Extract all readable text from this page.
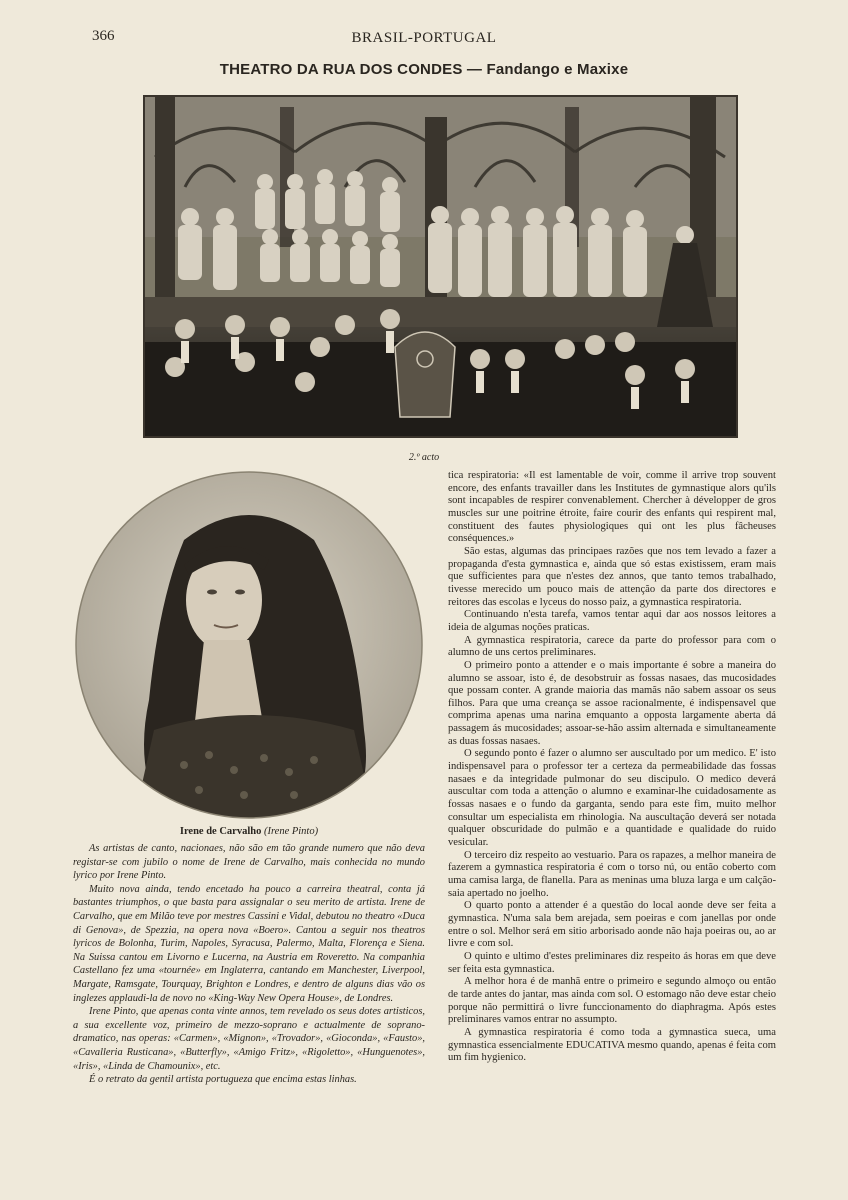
366	BRASIL-PORTUGAL
THEATRO DA RUA DOS CONDES — Fandango e Maxixe
2.º acto
Irene de Carvalho (Irene Pinto)

As artistas de canto, nacionaes, não são em tão grande numero que não deva registar-se com jubilo o nome de Irene de Carvalho, mais conhecida no mundo lyrico por Irene Pinto.

Muito nova ainda, tendo encetado ha pouco a carreira theatral, conta já bastantes triumphos, o que basta para assignalar o seu merito de artista. Irene de Carvalho, que em Milão teve por mestres Cassini e Vidal, debutou no theatro «Duca di Genova», de Spezzia, na opera nova «Boero». Cantou a seguir nos theatros lyricos de Bolonha, Turim, Napoles, Syracusa, Palermo, Malta, Florença e Siena. Na Suissa cantou em Livorno e Lucerna, na Austria em Roveretto. Na companhia Castellano fez uma «tournée» em Inglaterra, cantando em Manchester, Liverpool, Margate, Ramsgate, Tourquay, Brighton e Londres, e dentro de alguns dias vão os inglezes applaudi-la de novo no «King-Way New Opera House», de Londres.

Irene Pinto, que apenas conta vinte annos, tem revelado os seus dotes artisticos, a sua excellente voz, primeiro de mezzo-soprano e actualmente de soprano-dramatico, nas operas: «Carmen», «Mignon», «Trovador», «Gioconda», «Fausto», «Cavalleria Rusticana», «Butterfly», «Amigo Fritz», «Rigoletto», «Hunguenotes», «Iris», «Linda de Chamounix», etc.

É o retrato da gentil artista portugueza que encima estas linhas.

tica respiratoria: «Il est lamentable de voir, comme il arrive trop souvent encore, des enfants travailler dans les Institutes de gymnastique alors qu'ils sont incapables de respirer convenablement. Chercher à développer de gros muscles sur une poitrine étroite, faire courir des enfants qui respirent mal, constituent des fautes physiologiques qui ont les plus fâcheuses conséquences.»

São estas, algumas das principaes razões que nos tem levado a fazer a propaganda d'esta gymnastica e, ainda que só estas existissem, eram mais que sufficientes para que n'estes dez annos, que tanto temos trabalhado, tivesse merecido um pouco mais de attenção da parte dos directores e reitores das escolas e lyceus do nosso paiz, a gymnastica respiratoria.

Continuando n'esta tarefa, vamos tentar aqui dar aos nossos leitores a ideia de algumas noções praticas.

A gymnastica respiratoria, carece da parte do professor para com o alumno de uns certos preliminares.

O primeiro ponto a attender e o mais importante é sobre a maneira do alumno se assoar, isto é, de desobstruir as fossas nasaes, das mucosidades que possam conter. A grande maioria das mamãs não sabem assoar os seus filhos. Para que uma creança se assoe racionalmente, é indispensavel que comprima apenas uma narina emquanto a opposta largamente aberta dá passagem ás mucosidades; assoar-se-hão assim alternada e simultaneamente as duas fossas nasaes.

O segundo ponto é fazer o alumno ser auscultado por um medico. E' isto indispensavel para o professor ter a certeza da permeabilidade das fossas nasaes e da integridade pulmonar do seu discipulo. O medico deverá auscultar com toda a attenção o alumno e examinar-lhe cuidadosamente as fossas nasaes e o fundo da garganta, sendo para este fim, muito melhor consultar um especialista em rhinologia. Na auscultação deverá ser notada qualquer obscuridade do pulmão e a quantidade e qualidade do ruido vesicular.

O terceiro diz respeito ao vestuario. Para os rapazes, a melhor maneira de fazerem a gymnastica respiratoria é com o torso nú, ou então coberto com uma camisa larga, de flanella. Para as meninas uma bluza larga e um calção-saia apertado no joelho.

O quarto ponto a attender é a questão do local aonde deve ser feita a gymnastica. N'uma sala bem arejada, sem poeiras e com janellas por onde entre o sol. Melhor será em sitio arborisado aonde não haja poeiras ou, ao ar livre e com sol.

O quinto e ultimo d'estes preliminares diz respeito ás horas em que deve ser feita esta gymnastica.

A melhor hora é de manhã entre o primeiro e segundo almoço ou então de tarde antes do jantar, mas ainda com sol. O estomago não deve estar cheio porque não permittirá o livre funccionamento do diaphragma. Após estes preliminares vamos entrar no assumpto.

A gymnastica respiratoria é como toda a gymnastica sueca, uma gymnastica essencialmente EDUCATIVA mesmo quando, apenas é feita com um fim hygienico.
